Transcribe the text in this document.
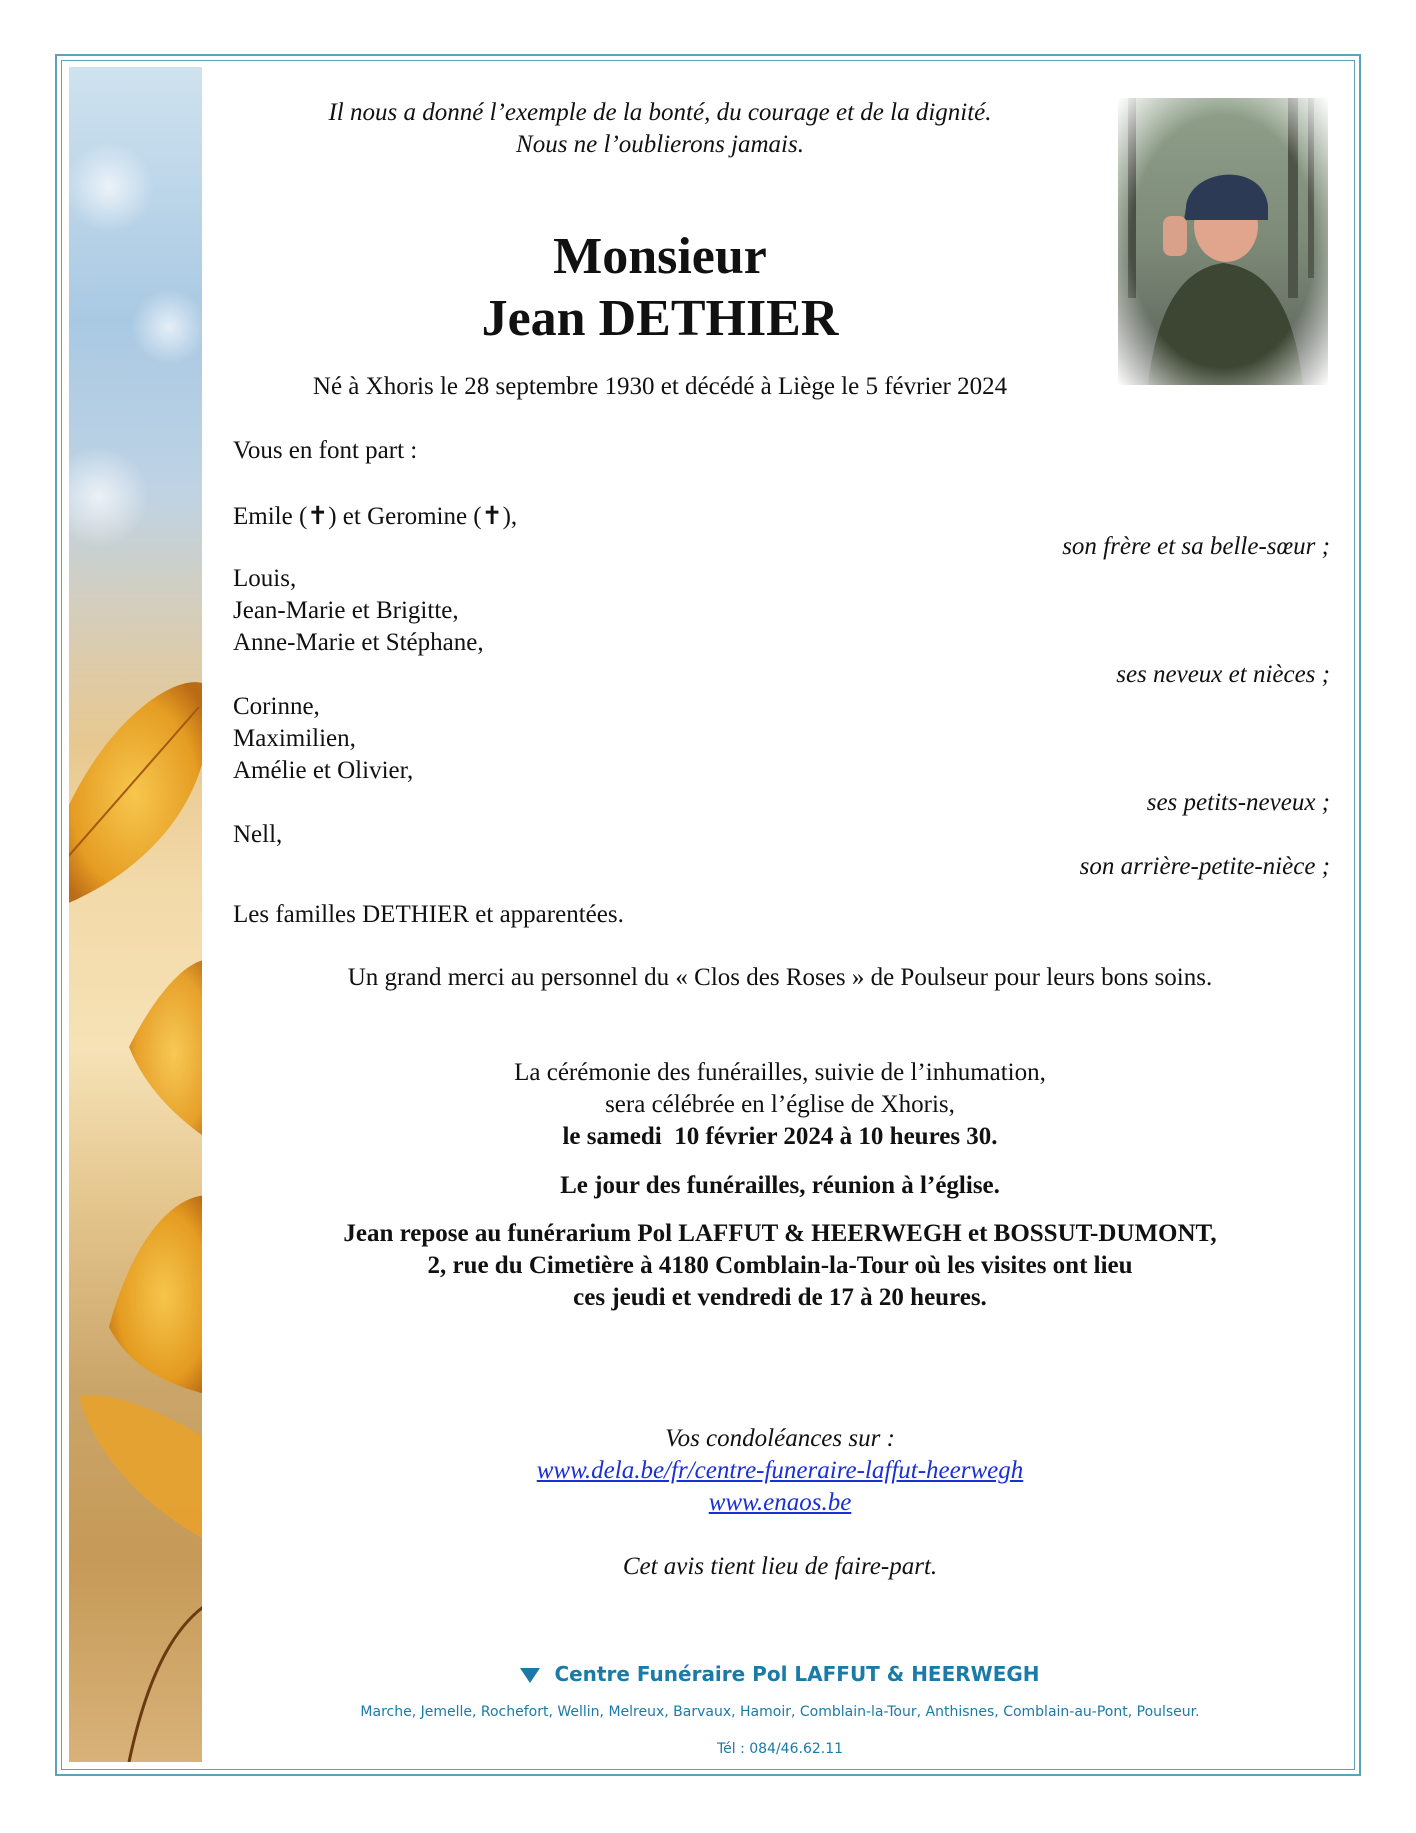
Il nous a donné l’exemple de la bonté, du courage et de la dignité.
Nous ne l’oublierons jamais.
Monsieur
Jean DETHIER
Né à Xhoris le 28 septembre 1930 et décédé à Liège le 5 février 2024
Vous en font part :
Emile (✝) et Geromine (✝),
son frère et sa belle-sœur ;
Louis,
Jean-Marie et Brigitte,
Anne-Marie et Stéphane,
ses neveux et nièces ;
Corinne,
Maximilien,
Amélie et Olivier,
ses petits-neveux ;
Nell,
son arrière-petite-nièce ;
Les familles DETHIER et apparentées.
Un grand merci au personnel du « Clos des Roses » de Poulseur pour leurs bons soins.
La cérémonie des funérailles, suivie de l’inhumation,
sera célébrée en l’église de Xhoris,
le samedi  10 février 2024 à 10 heures 30.
Le jour des funérailles, réunion à l’église.
Jean repose au funérarium Pol LAFFUT & HEERWEGH et BOSSUT-DUMONT,
2, rue du Cimetière à 4180 Comblain-la-Tour où les visites ont lieu
ces jeudi et vendredi de 17 à 20 heures.
Vos condoléances sur :
www.dela.be/fr/centre-funeraire-laffut-heerwegh
www.enaos.be
Cet avis tient lieu de faire-part.
Centre Funéraire Pol LAFFUT & HEERWEGH
Marche, Jemelle, Rochefort, Wellin, Melreux, Barvaux, Hamoir, Comblain-la-Tour, Anthisnes, Comblain-au-Pont, Poulseur.
Tél : 084/46.62.11
